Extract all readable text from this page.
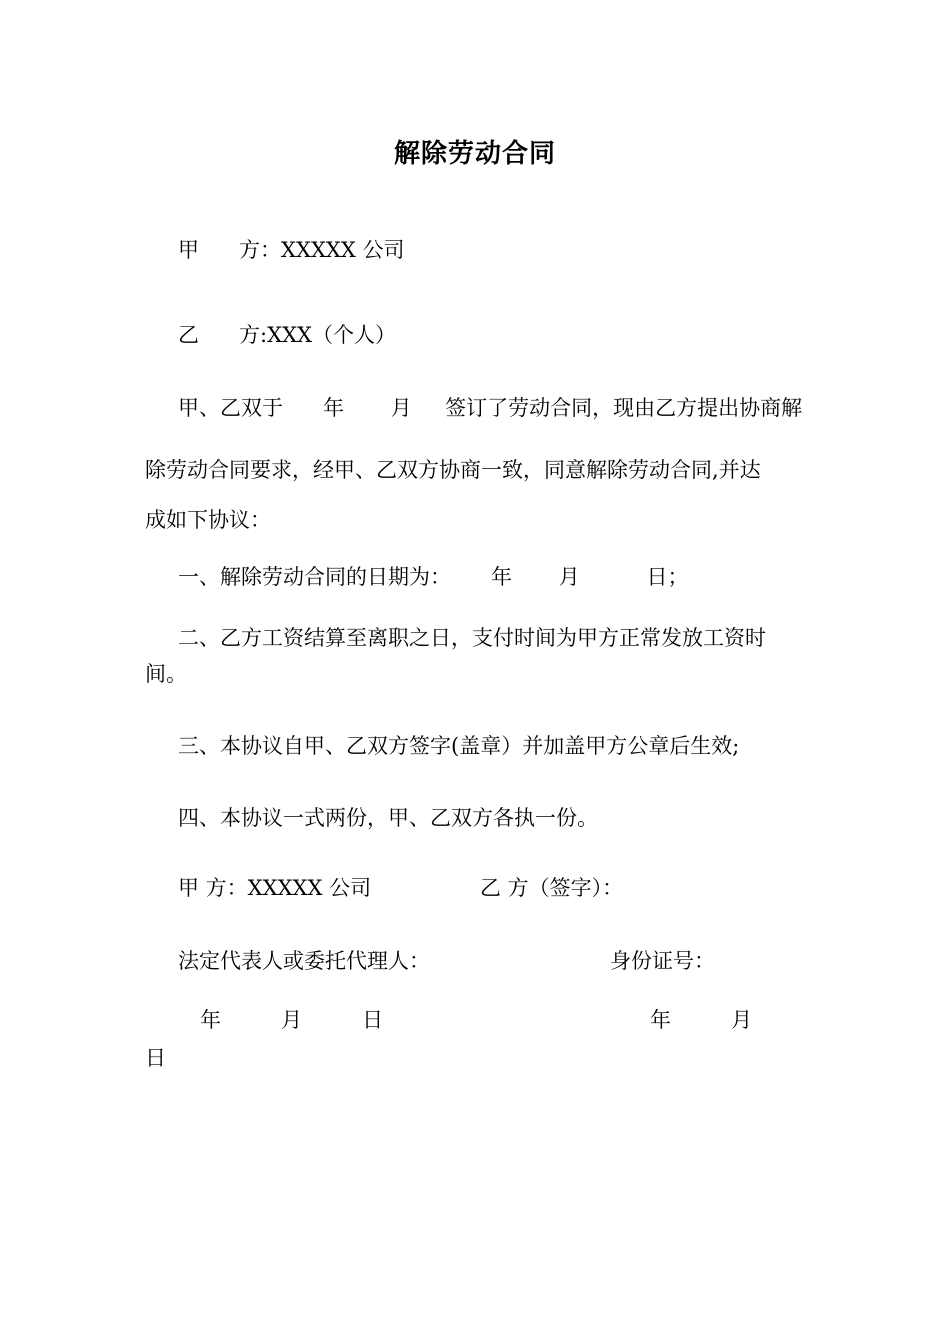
解除劳动合同
甲      方：XXXXX 公司
乙      方:XXX（个人）
甲、乙双于      年       月     签订了劳动合同，现由乙方提出协商解
除劳动合同要求，经甲、乙双方协商一致，同意解除劳动合同,并达
成如下协议：
一、解除劳动合同的日期为：      年       月          日；
二、乙方工资结算至离职之日，支付时间为甲方正常发放工资时
间。
三、本协议自甲、乙双方签字(盖章）并加盖甲方公章后生效;
四、本协议一式两份，甲、乙双方各执一份。
甲 方：XXXXX 公司	乙 方（签字）：
法定代表人或委托代理人：	身份证号：
年         月         日	年         月
日
